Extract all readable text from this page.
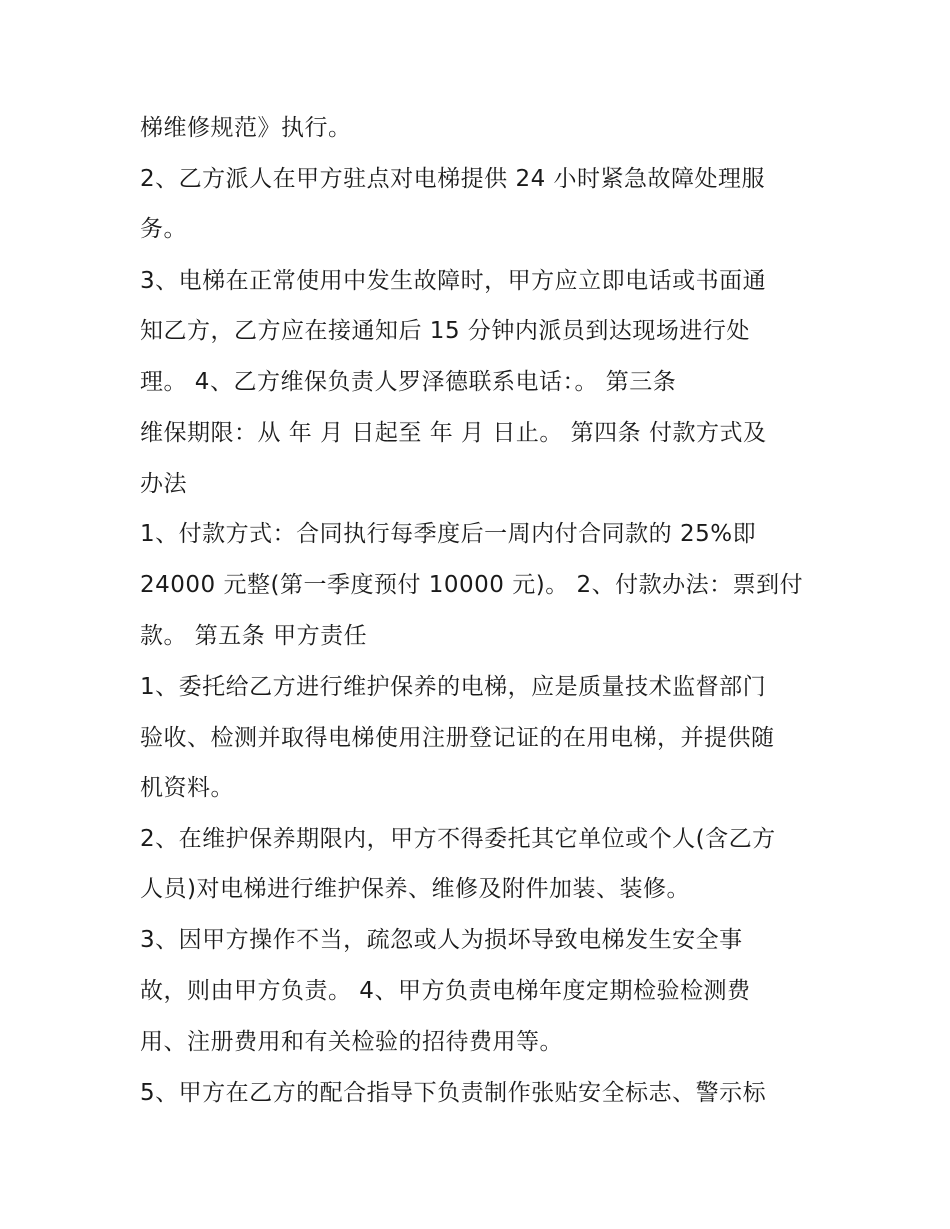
梯维修规范》执行。
2、乙方派人在甲方驻点对电梯提供 24 小时紧急故障处理服
务。
3、电梯在正常使用中发生故障时，甲方应立即电话或书面通
知乙方，乙方应在接通知后 15 分钟内派员到达现场进行处
理。 4、乙方维保负责人罗泽德联系电话：。 第三条
维保期限：从 年 月 日起至 年 月 日止。 第四条 付款方式及
办法
1、付款方式：合同执行每季度后一周内付合同款的 25%即
24000 元整(第一季度预付 10000 元)。 2、付款办法：票到付
款。 第五条 甲方责任
1、委托给乙方进行维护保养的电梯，应是质量技术监督部门
验收、检测并取得电梯使用注册登记证的在用电梯，并提供随
机资料。
2、在维护保养期限内，甲方不得委托其它单位或个人(含乙方
人员)对电梯进行维护保养、维修及附件加装、装修。
3、因甲方操作不当，疏忽或人为损坏导致电梯发生安全事
故，则由甲方负责。 4、甲方负责电梯年度定期检验检测费
用、注册费用和有关检验的招待费用等。
5、甲方在乙方的配合指导下负责制作张贴安全标志、警示标
